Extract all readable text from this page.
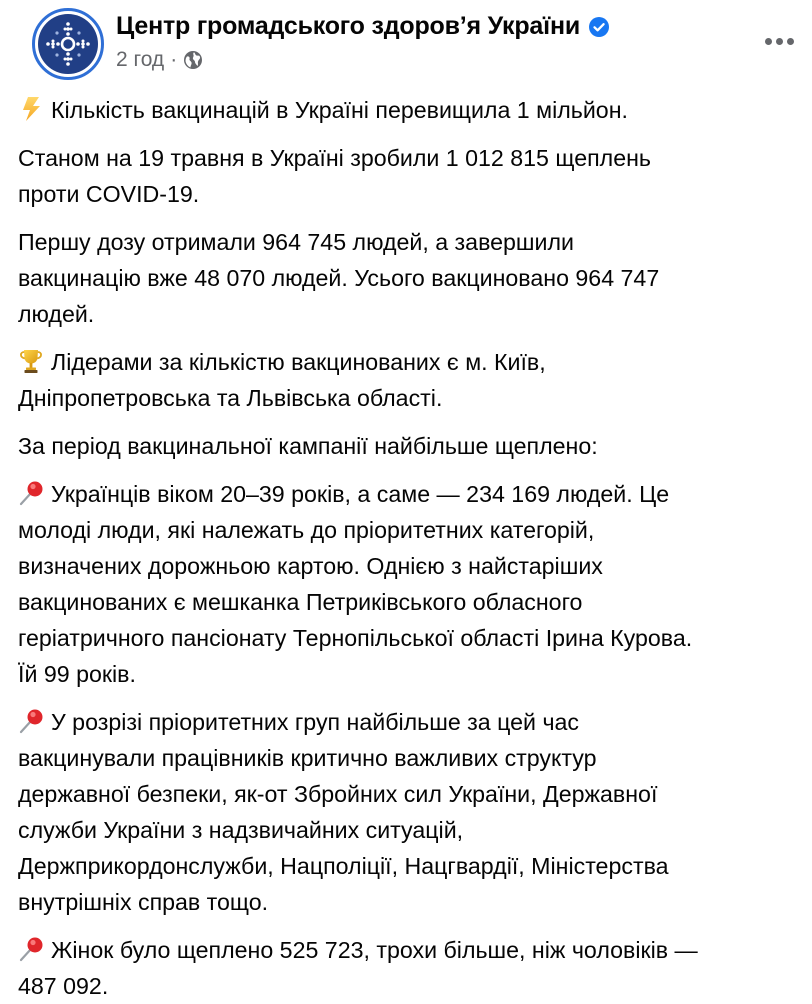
Центр громадського здоров’я України
2 год ·

Кількість вакцинацій в Україні перевищила 1 мільйон.

Станом на 19 травня в Україні зробили 1 012 815 щеплень
проти COVID-19.

Першу дозу отримали 964 745 людей, а завершили
вакцинацію вже 48 070 людей. Усього вакциновано 964 747
людей.

Лідерами за кількістю вакцинованих є м. Київ,
Дніпропетровська та Львівська області.

За період вакцинальної кампанії найбільше щеплено:

Українців віком 20–39 років, а саме — 234 169 людей. Це
молоді люди, які належать до пріоритетних категорій,
визначених дорожньою картою. Однією з найстаріших
вакцинованих є мешканка Петриківського обласного
геріатричного пансіонату Тернопільської області Ірина Курова.
Їй 99 років.

У розрізі пріоритетних груп найбільше за цей час
вакцинували працівників критично важливих структур
державної безпеки, як-от Збройних сил України, Державної
служби України з надзвичайних ситуацій,
Держприкордонслужби, Нацполіції, Нацгвардії, Міністерства
внутрішніх справ тощо.

Жінок було щеплено 525 723, трохи більше, ніж чоловіків —
487 092.
